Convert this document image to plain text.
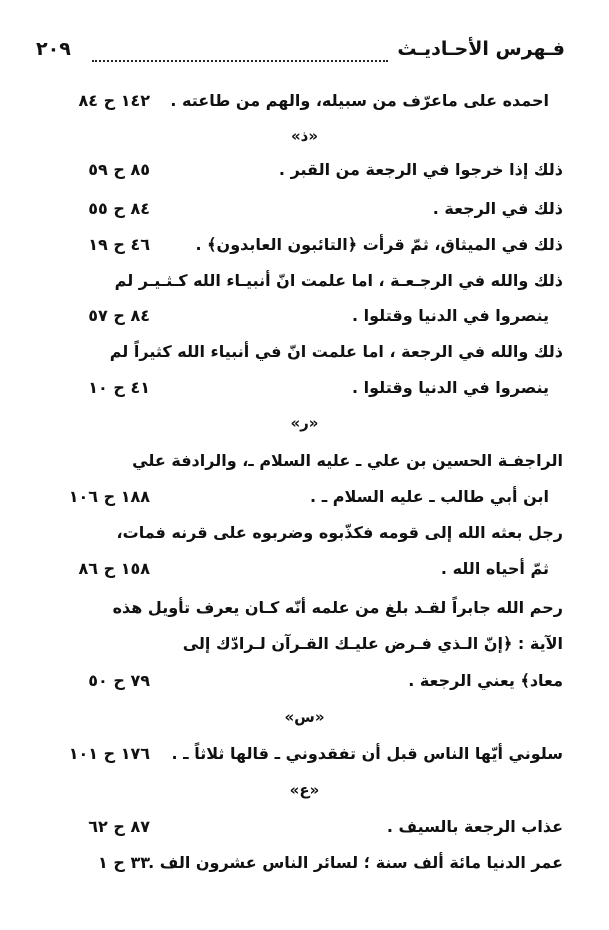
فـهرس الأحـاديـث
٢٠٩
احمده على ماعرّف من سبيله، والهم من طاعته .
١٤٢ ح ٨٤
«ذ»
ذلك إذا خرجوا في الرجعة من القبر .
٨٥ ح ٥٩
ذلك في الرجعة .
٨٤ ح ٥٥
ذلك في الميثاق، ثمّ قرأت ﴿التائبون العابدون﴾ .
٤٦ ح ١٩
ذلك والله في الرجـعـة ، اما علمت انّ أنبيـاء الله كـثـيـر لم
ينصروا في الدنيا وقتلوا .
٨٤ ح ٥٧
ذلك والله في الرجعة ، اما علمت انّ في أنبياء الله كثيراً لم
ينصروا في الدنيا وقتلوا .
٤١ ح ١٠
«ر»
الراجفـة الحسين بن علي ـ عليه السلام ـ، والرادفة علي
ابن أبي طالب ـ عليه السلام ـ .
١٨٨ ح ١٠٦
رجل بعثه الله إلى قومه فكذّبوه وضربوه على قرنه فمات،
ثمّ أحياه الله .
١٥٨ ح ٨٦
رحم الله جابراً لقـد بلغ من علمه أنّه كـان يعرف تأويل هذه
الآية : ﴿إنّ الـذي فـرض عليـك القـرآن لـرادّك إلى
معاد﴾ يعني الرجعة .
٧٩ ح ٥٠
«س»
سلوني أيّها الناس قبل أن تفقدوني ـ قالها ثلاثاً ـ .
١٧٦ ح ١٠١
«ع»
عذاب الرجعة بالسيف .
٨٧ ح ٦٢
عمر الدنيا مائة ألف سنة ؛ لسائر الناس عشرون الف .
٣٣ ح ١
